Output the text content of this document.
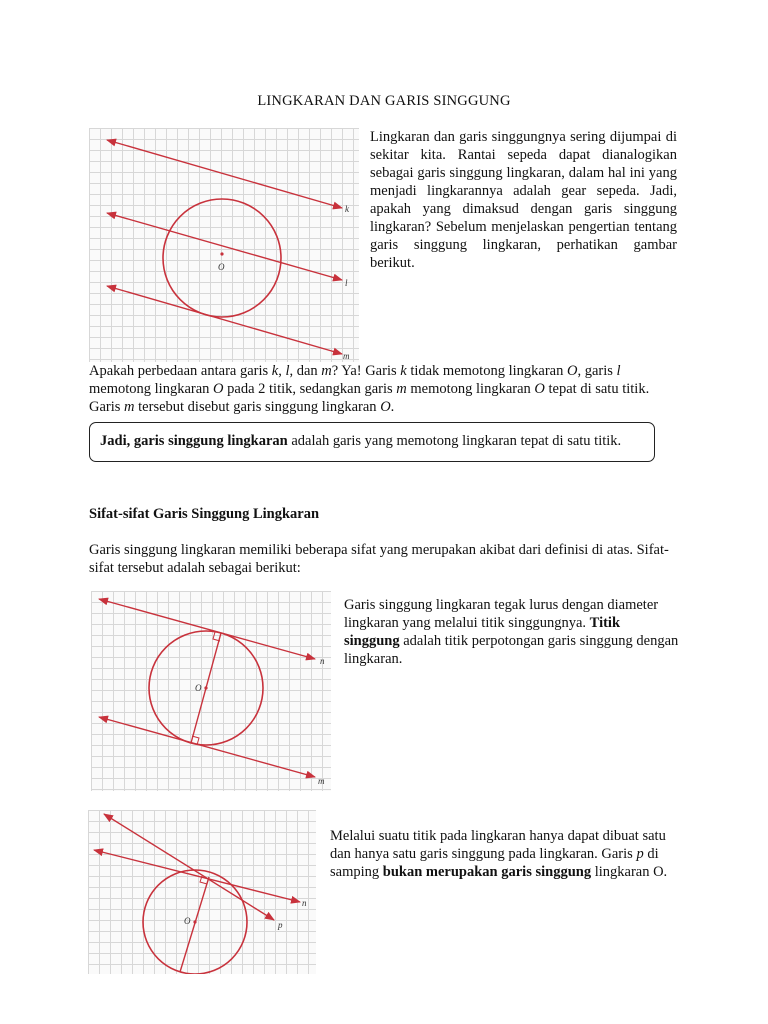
LINGKARAN DAN GARIS SINGGUNG
O
k
l
m
Lingkaran dan garis singgungnya sering dijumpai di sekitar kita. Rantai sepeda dapat dianalogikan sebagai garis singgung lingkaran, dalam hal ini yang menjadi lingkarannya adalah gear sepeda. Jadi, apakah yang dimaksud dengan garis singgung lingkaran? Sebelum menjelaskan pengertian tentang garis singgung lingkaran, perhatikan gambar berikut.
Apakah perbedaan antara garis k, l, dan m? Ya! Garis k tidak memotong lingkaran O, garis l memotong lingkaran O pada 2 titik, sedangkan garis m memotong lingkaran O tepat di satu titik. Garis m tersebut disebut garis singgung lingkaran O.
Jadi, garis singgung lingkaran adalah garis yang memotong lingkaran tepat di satu titik.
Sifat-sifat Garis Singgung Lingkaran
Garis singgung lingkaran memiliki beberapa sifat yang merupakan akibat dari definisi di atas. Sifat-sifat tersebut adalah sebagai berikut:
O
n
m
Garis singgung lingkaran tegak lurus dengan diameter lingkaran yang melalui titik singgungnya. Titik singgung adalah titik perpotongan garis singgung dengan lingkaran.
O
n
p
Melalui suatu titik pada lingkaran hanya dapat dibuat satu dan hanya satu garis singgung pada lingkaran. Garis p di samping bukan merupakan garis singgung lingkaran O.
